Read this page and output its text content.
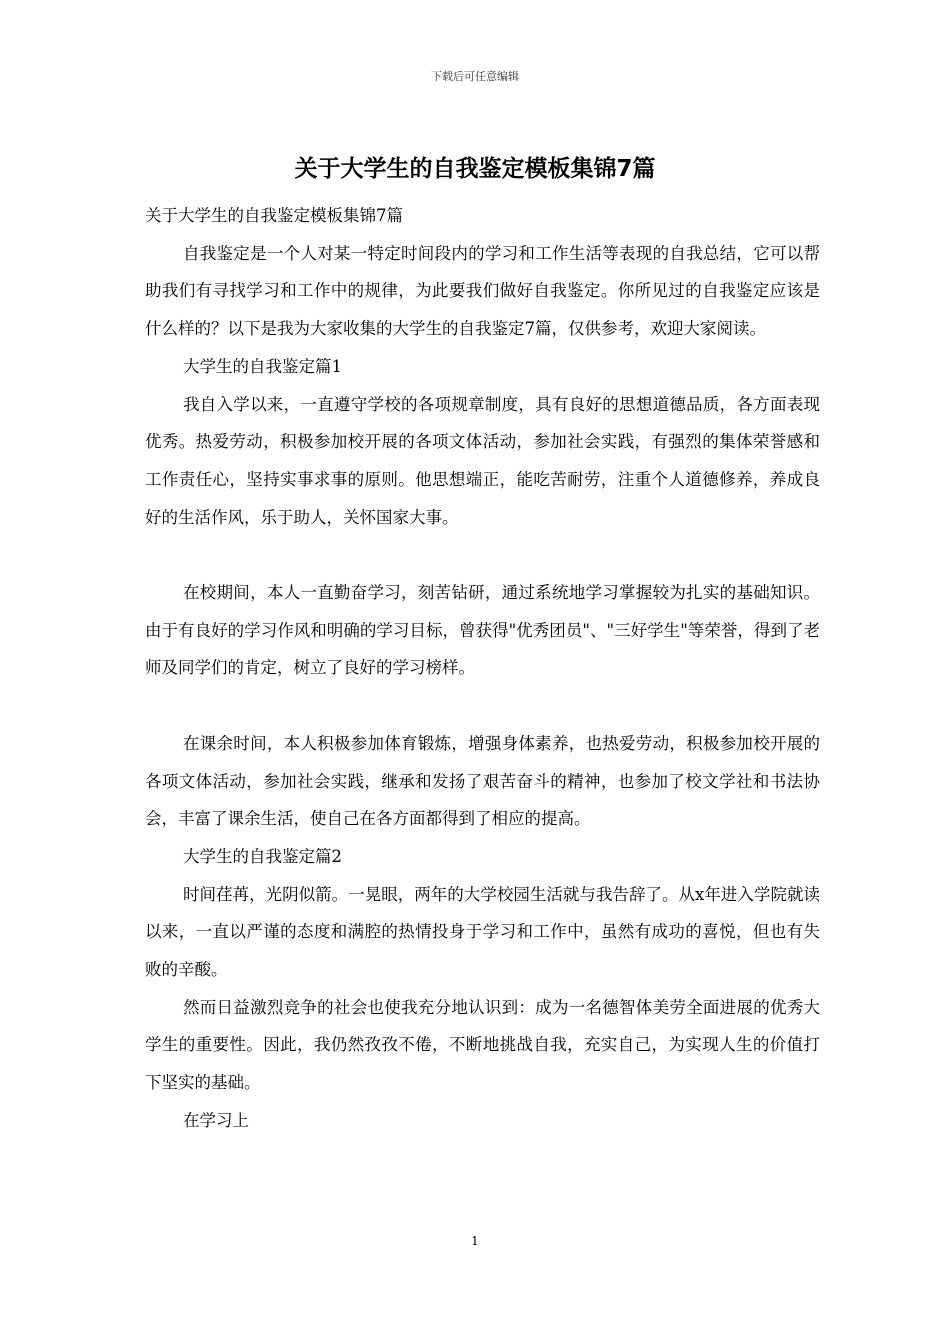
下载后可任意编辑
关于大学生的自我鉴定模板集锦7篇

关于大学生的自我鉴定模板集锦7篇

自我鉴定是一个人对某一特定时间段内的学习和工作生活等表现的自我总结，它可以帮助我们有寻找学习和工作中的规律，为此要我们做好自我鉴定。你所见过的自我鉴定应该是什么样的？以下是我为大家收集的大学生的自我鉴定7篇，仅供参考，欢迎大家阅读。

大学生的自我鉴定篇1

我自入学以来，一直遵守学校的各项规章制度，具有良好的思想道德品质，各方面表现优秀。热爱劳动，积极参加校开展的各项文体活动，参加社会实践，有强烈的集体荣誉感和工作责任心，坚持实事求事的原则。他思想端正，能吃苦耐劳，注重个人道德修养，养成良好的生活作风，乐于助人，关怀国家大事。

在校期间，本人一直勤奋学习，刻苦钻研，通过系统地学习掌握较为扎实的基础知识。由于有良好的学习作风和明确的学习目标，曾获得"优秀团员"、"三好学生"等荣誉，得到了老师及同学们的肯定，树立了良好的学习榜样。

在课余时间，本人积极参加体育锻炼，增强身体素养，也热爱劳动，积极参加校开展的各项文体活动，参加社会实践，继承和发扬了艰苦奋斗的精神，也参加了校文学社和书法协会，丰富了课余生活，使自己在各方面都得到了相应的提高。

大学生的自我鉴定篇2

时间荏苒，光阴似箭。一晃眼，两年的大学校园生活就与我告辞了。从x年进入学院就读以来，一直以严谨的态度和满腔的热情投身于学习和工作中，虽然有成功的喜悦，但也有失败的辛酸。

然而日益激烈竞争的社会也使我充分地认识到：成为一名德智体美劳全面进展的优秀大学生的重要性。因此，我仍然孜孜不倦，不断地挑战自我，充实自己，为实现人生的价值打下坚实的基础。

在学习上

1
